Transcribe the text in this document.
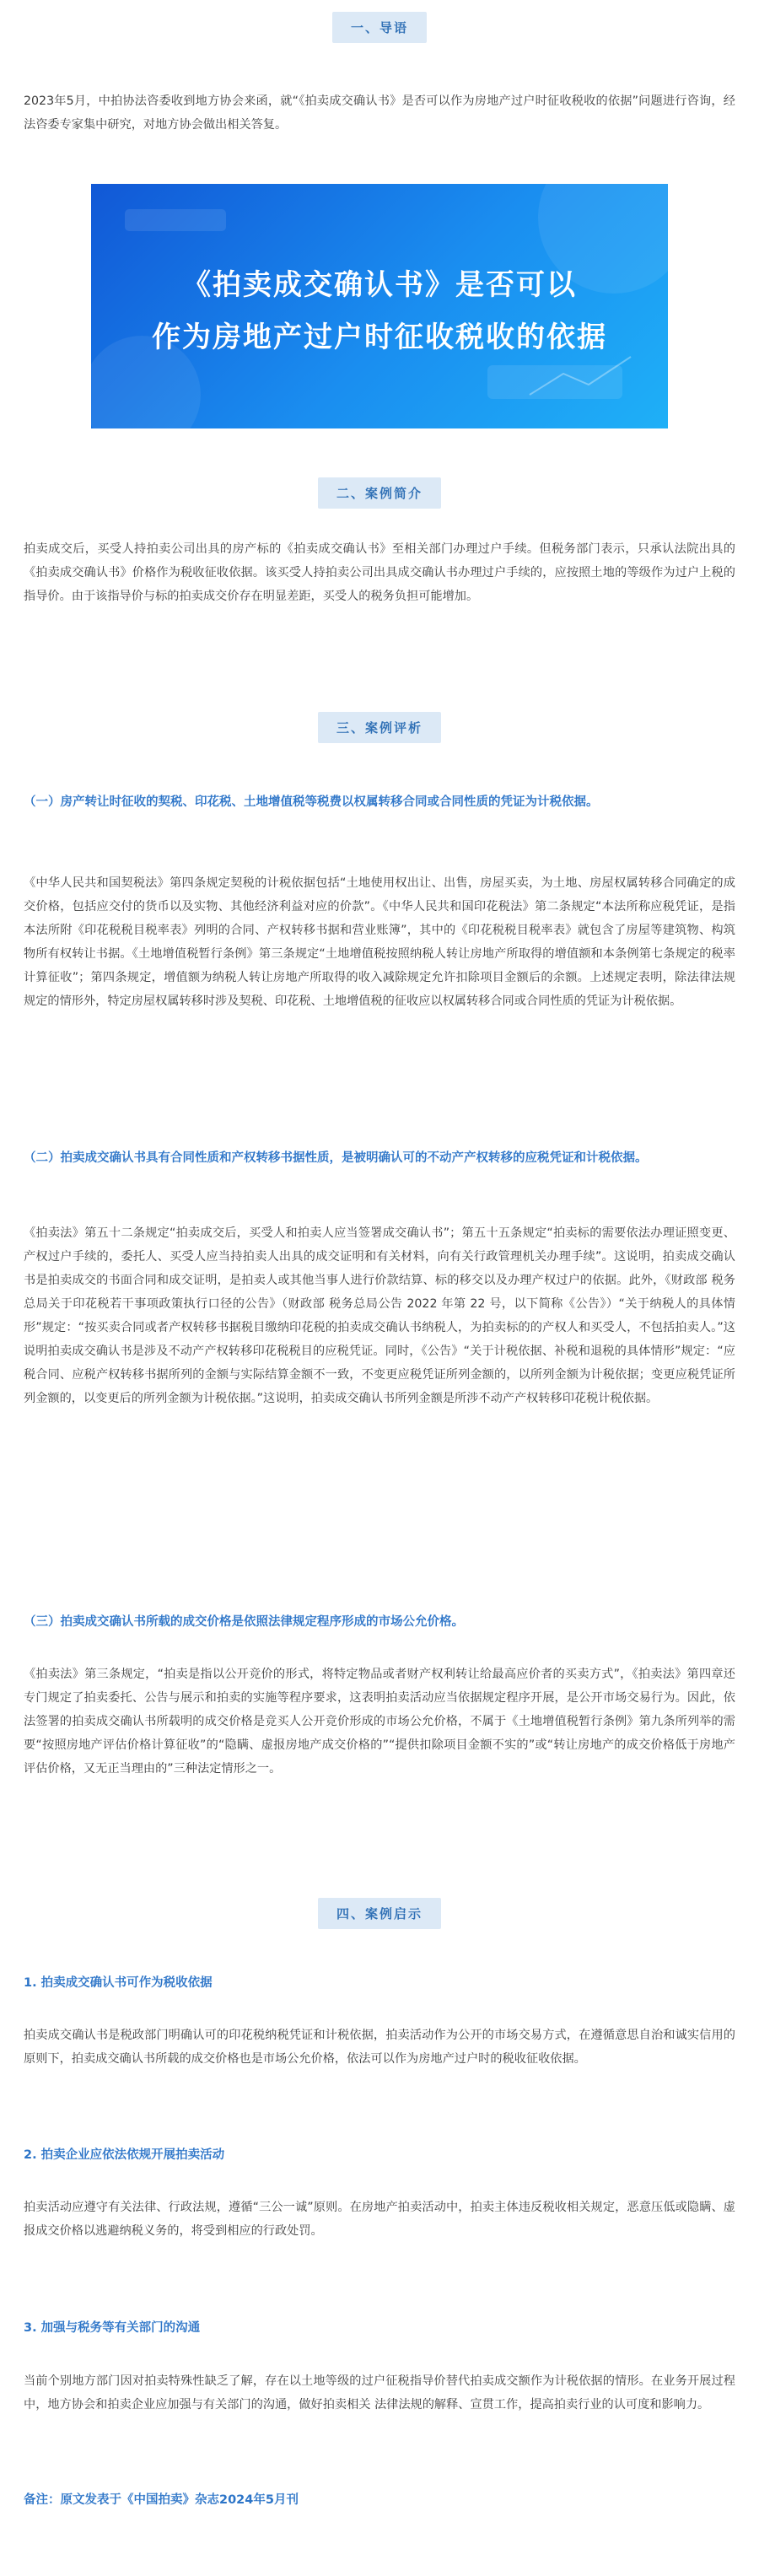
一、导语

2023年5月，中拍协法咨委收到地方协会来函，就“《拍卖成交确认书》是否可以作为房地产过户时征收税收的依据”问题进行咨询，经法咨委专家集中研究，对地方协会做出相关答复。

《拍卖成交确认书》是否可以
作为房地产过户时征收税收的依据
二、案例简介

拍卖成交后，买受人持拍卖公司出具的房产标的《拍卖成交确认书》至相关部门办理过户手续。但税务部门表示，只承认法院出具的《拍卖成交确认书》价格作为税收征收依据。该买受人持拍卖公司出具成交确认书办理过户手续的，应按照土地的等级作为过户上税的指导价。由于该指导价与标的拍卖成交价存在明显差距，买受人的税务负担可能增加。

三、案例评析

（一）房产转让时征收的契税、印花税、土地增值税等税费以权属转移合同或合同性质的凭证为计税依据。

《中华人民共和国契税法》第四条规定契税的计税依据包括“土地使用权出让、出售，房屋买卖，为土地、房屋权属转移合同确定的成交价格，包括应交付的货币以及实物、其他经济利益对应的价款”。《中华人民共和国印花税法》第二条规定“本法所称应税凭证，是指本法所附《印花税税目税率表》列明的合同、产权转移书据和营业账簿”，其中的《印花税税目税率表》就包含了房屋等建筑物、构筑物所有权转让书据。《土地增值税暂行条例》第三条规定“土地增值税按照纳税人转让房地产所取得的增值额和本条例第七条规定的税率计算征收”；第四条规定，增值额为纳税人转让房地产所取得的收入减除规定允许扣除项目金额后的余额。上述规定表明，除法律法规规定的情形外，特定房屋权属转移时涉及契税、印花税、土地增值税的征收应以权属转移合同或合同性质的凭证为计税依据。

（二）拍卖成交确认书具有合同性质和产权转移书据性质，是被明确认可的不动产产权转移的应税凭证和计税依据。

《拍卖法》第五十二条规定“拍卖成交后，买受人和拍卖人应当签署成交确认书”；第五十五条规定“拍卖标的需要依法办理证照变更、产权过户手续的，委托人、买受人应当持拍卖人出具的成交证明和有关材料，向有关行政管理机关办理手续”。这说明，拍卖成交确认书是拍卖成交的书面合同和成交证明，是拍卖人或其他当事人进行价款结算、标的移交以及办理产权过户的依据。此外，《财政部 税务总局关于印花税若干事项政策执行口径的公告》（财政部 税务总局公告 2022 年第 22 号，以下简称《公告》）“关于纳税人的具体情形”规定：“按买卖合同或者产权转移书据税目缴纳印花税的拍卖成交确认书纳税人，为拍卖标的的产权人和买受人，不包括拍卖人。”这说明拍卖成交确认书是涉及不动产产权转移印花税税目的应税凭证。同时，《公告》“关于计税依据、补税和退税的具体情形”规定：“应税合同、应税产权转移书据所列的金额与实际结算金额不一致，不变更应税凭证所列金额的，以所列金额为计税依据；变更应税凭证所列金额的，以变更后的所列金额为计税依据。”这说明，拍卖成交确认书所列金额是所涉不动产产权转移印花税计税依据。

（三）拍卖成交确认书所载的成交价格是依照法律规定程序形成的市场公允价格。

《拍卖法》第三条规定，“拍卖是指以公开竞价的形式，将特定物品或者财产权利转让给最高应价者的买卖方式”，《拍卖法》第四章还专门规定了拍卖委托、公告与展示和拍卖的实施等程序要求，这表明拍卖活动应当依据规定程序开展，是公开市场交易行为。因此，依法签署的拍卖成交确认书所载明的成交价格是竞买人公开竞价形成的市场公允价格，不属于《土地增值税暂行条例》第九条所列举的需要“按照房地产评估价格计算征收”的“隐瞒、虚报房地产成交价格的”“提供扣除项目金额不实的”或“转让房地产的成交价格低于房地产评估价格，又无正当理由的”三种法定情形之一。

四、案例启示

1. 拍卖成交确认书可作为税收依据

拍卖成交确认书是税政部门明确认可的印花税纳税凭证和计税依据，拍卖活动作为公开的市场交易方式，在遵循意思自治和诚实信用的原则下，拍卖成交确认书所载的成交价格也是市场公允价格，依法可以作为房地产过户时的税收征收依据。

2. 拍卖企业应依法依规开展拍卖活动

拍卖活动应遵守有关法律、行政法规，遵循“三公一诚”原则。在房地产拍卖活动中，拍卖主体违反税收相关规定，恶意压低或隐瞒、虚报成交价格以逃避纳税义务的，将受到相应的行政处罚。

3. 加强与税务等有关部门的沟通

当前个别地方部门因对拍卖特殊性缺乏了解，存在以土地等级的过户征税指导价替代拍卖成交额作为计税依据的情形。在业务开展过程中，地方协会和拍卖企业应加强与有关部门的沟通，做好拍卖相关 法律法规的解释、宣贯工作，提高拍卖行业的认可度和影响力。

备注：原文发表于《中国拍卖》杂志2024年5月刊
